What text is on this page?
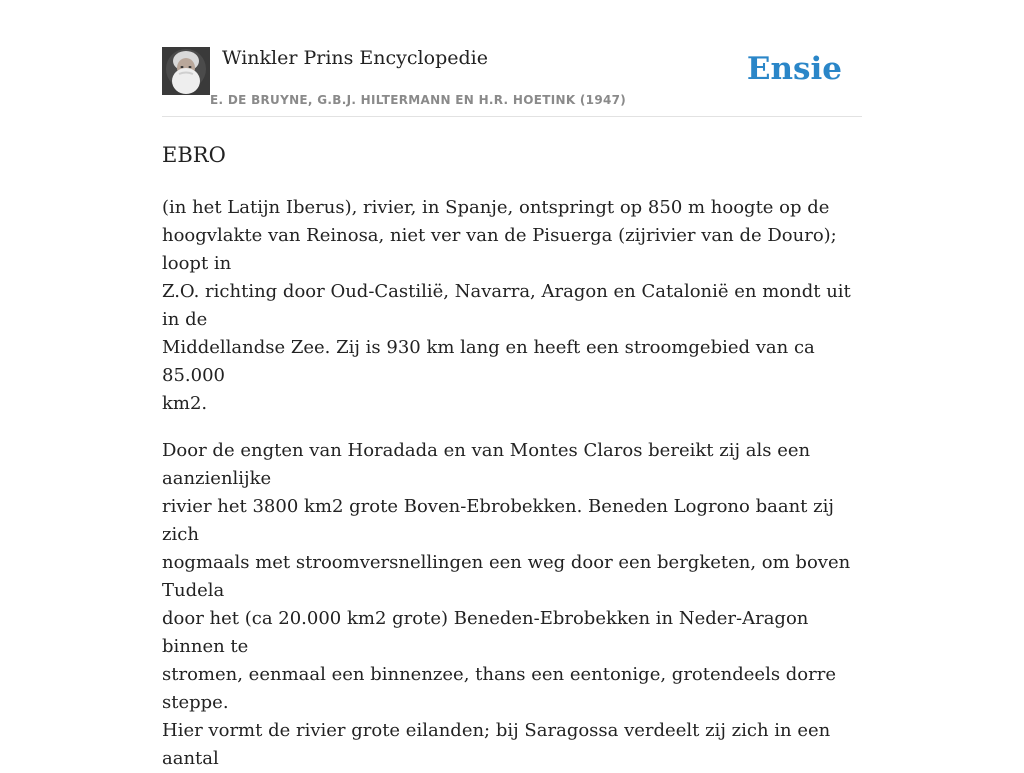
Winkler Prins Encyclopedie
E. DE BRUYNE, G.B.J. HILTERMANN EN H.R. HOETINK (1947)
Ensie
EBRO

(in het Latijn Iberus), rivier, in Spanje, ontspringt op 850 m hoogte op de
hoogvlakte van Reinosa, niet ver van de Pisuerga (zijrivier van de Douro); loopt in
Z.O. richting door Oud-Castilië, Navarra, Aragon en Catalonië en mondt uit in de
Middellandse Zee. Zij is 930 km lang en heeft een stroomgebied van ca 85.000
km2.

Door de engten van Horadada en van Montes Claros bereikt zij als een aanzienlijke
rivier het 3800 km2 grote Boven-Ebrobekken. Beneden Logrono baant zij zich
nogmaals met stroomversnellingen een weg door een bergketen, om boven Tudela
door het (ca 20.000 km2 grote) Beneden-Ebrobekken in Neder-Aragon binnen te
stromen, eenmaal een binnenzee, thans een eentonige, grotendeels dorre steppe.
Hier vormt de rivier grote eilanden; bij Saragossa verdeelt zij zich in een aantal
